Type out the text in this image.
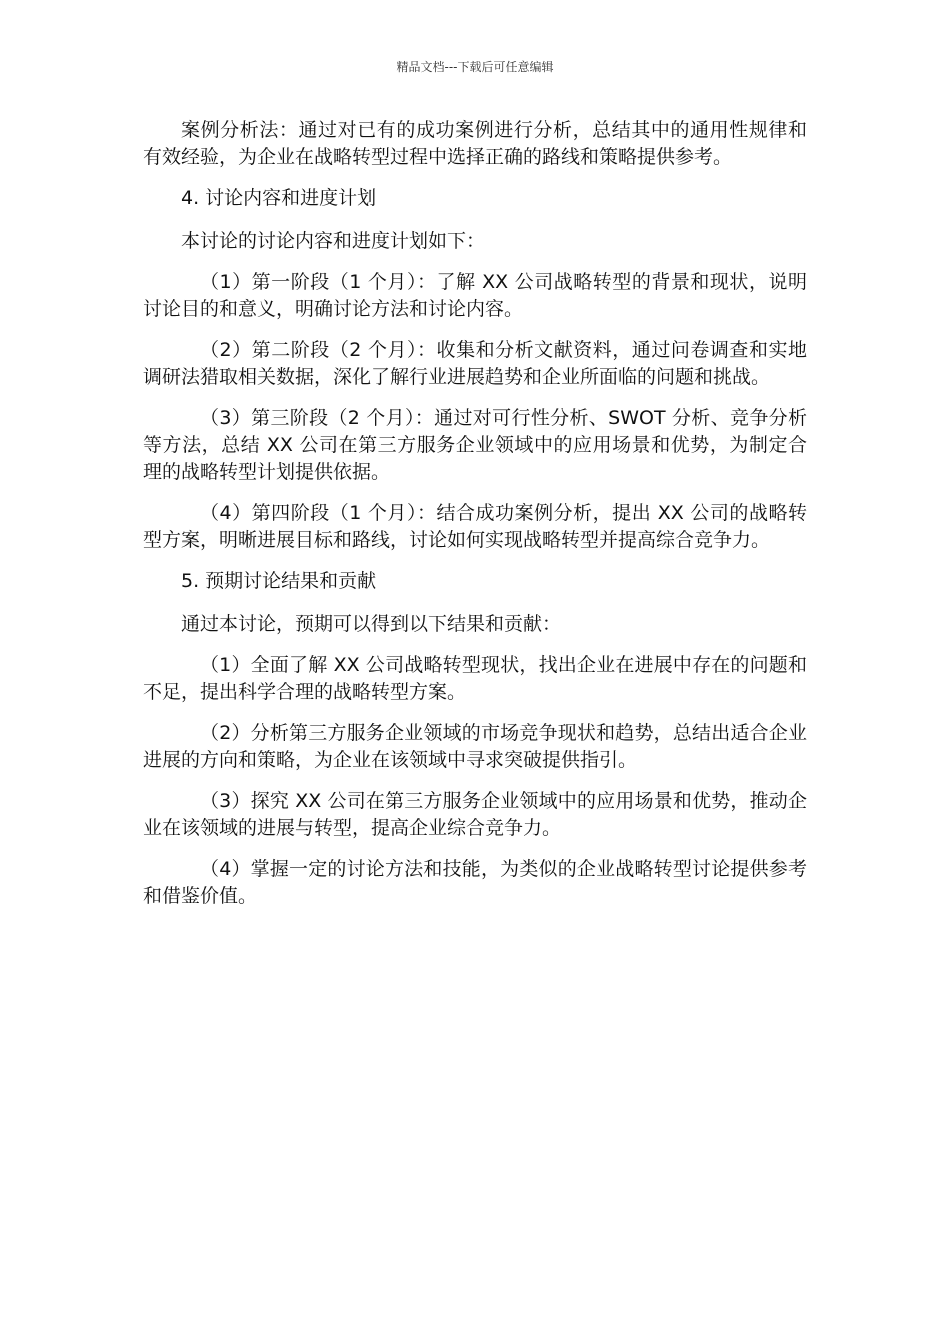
精品文档---下载后可任意编辑

案例分析法：通过对已有的成功案例进行分析，总结其中的通用性规律和有效经验，为企业在战略转型过程中选择正确的路线和策略提供参考。

4. 讨论内容和进度计划

本讨论的讨论内容和进度计划如下：

（1）第一阶段（1 个月）：了解 XX 公司战略转型的背景和现状，说明讨论目的和意义，明确讨论方法和讨论内容。

（2）第二阶段（2 个月）：收集和分析文献资料，通过问卷调查和实地调研法猎取相关数据，深化了解行业进展趋势和企业所面临的问题和挑战。

（3）第三阶段（2 个月）：通过对可行性分析、SWOT 分析、竞争分析等方法，总结 XX 公司在第三方服务企业领域中的应用场景和优势，为制定合理的战略转型计划提供依据。

（4）第四阶段（1 个月）：结合成功案例分析，提出 XX 公司的战略转型方案，明晰进展目标和路线，讨论如何实现战略转型并提高综合竞争力。

5. 预期讨论结果和贡献

通过本讨论，预期可以得到以下结果和贡献：

（1）全面了解 XX 公司战略转型现状，找出企业在进展中存在的问题和不足，提出科学合理的战略转型方案。

（2）分析第三方服务企业领域的市场竞争现状和趋势，总结出适合企业进展的方向和策略，为企业在该领域中寻求突破提供指引。

（3）探究 XX 公司在第三方服务企业领域中的应用场景和优势，推动企业在该领域的进展与转型，提高企业综合竞争力。

（4）掌握一定的讨论方法和技能，为类似的企业战略转型讨论提供参考和借鉴价值。
